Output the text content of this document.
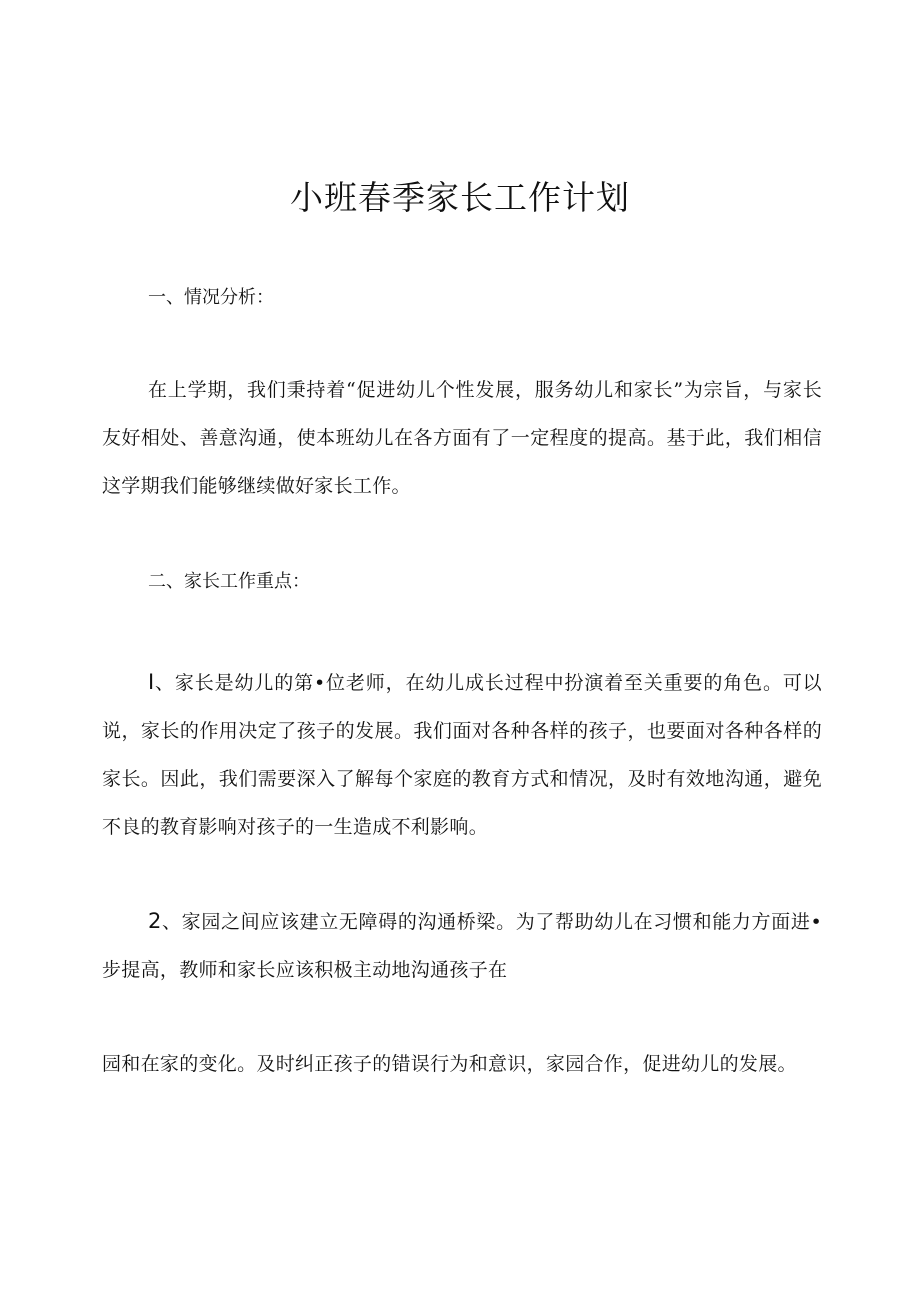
小班春季家长工作计划

一、情况分析：

在上学期，我们秉持着“促进幼儿个性发展，服务幼儿和家长”为宗旨，与家长友好相处、善意沟通，使本班幼儿在各方面有了一定程度的提高。基于此，我们相信这学期我们能够继续做好家长工作。

二、家长工作重点：

I、家长是幼儿的第•位老师，在幼儿成长过程中扮演着至关重要的角色。可以说，家长的作用决定了孩子的发展。我们面对各种各样的孩子，也要面对各种各样的家长。因此，我们需要深入了解每个家庭的教育方式和情况，及时有效地沟通，避免不良的教育影响对孩子的一生造成不利影响。

2、家园之间应该建立无障碍的沟通桥梁。为了帮助幼儿在习惯和能力方面进•步提高，教师和家长应该积极主动地沟通孩子在

园和在家的变化。及时纠正孩子的错误行为和意识，家园合作，促进幼儿的发展。
